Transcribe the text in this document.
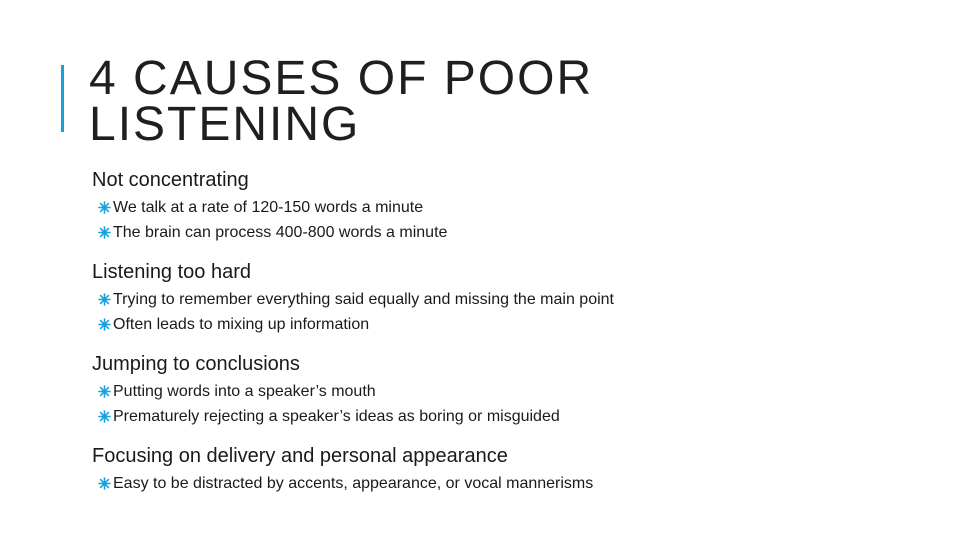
4 CAUSES OF POOR
LISTENING
Not concentrating
We talk at a rate of 120-150 words a minute
The brain can process 400-800 words a minute
Listening too hard
Trying to remember everything said equally and missing the main point
Often leads to mixing up information
Jumping to conclusions
Putting words into a speaker’s mouth
Prematurely rejecting a speaker’s ideas as boring or misguided
Focusing on delivery and personal appearance
Easy to be distracted by accents, appearance, or vocal mannerisms
